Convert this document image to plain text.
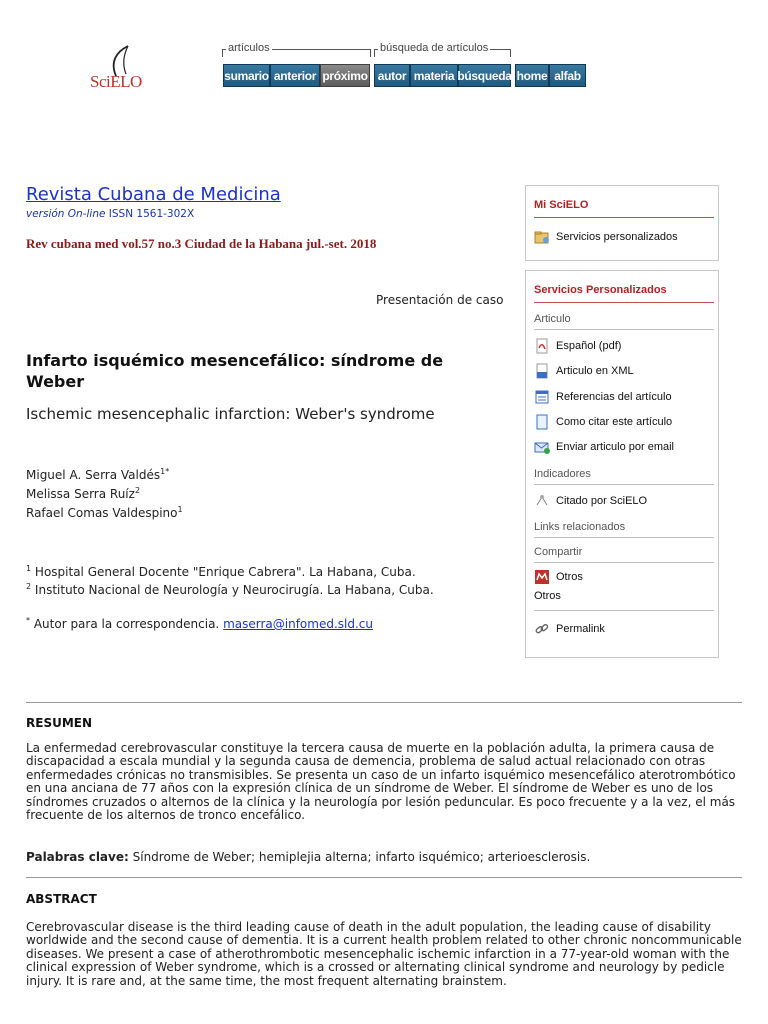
SciELO
artículos	búsqueda de artículos
sumario anterior próximo autor materia búsqueda home alfab
Revista Cubana de Medicina
versión On-line ISSN 1561-302X
Rev cubana med vol.57 no.3 Ciudad de la Habana jul.-set. 2018
Presentación de caso
Infarto isquémico mesencefálico: síndrome de Weber
Ischemic mesencephalic infarction: Weber's syndrome
Miguel A. Serra Valdés$^{1*}$
Melissa Serra Ruíz$^2$
Rafael Comas Valdespino$^1$
$^1$ Hospital General Docente "Enrique Cabrera". La Habana, Cuba.
$^2$ Instituto Nacional de Neurología y Neurocirugía. La Habana, Cuba.
* Autor para la correspondencia. maserra@infomed.sld.cu
Mi SciELO
Servicios personalizados
Servicios Personalizados
Articulo
Español (pdf)
Articulo en XML
Referencias del artículo
Como citar este artículo
Enviar articulo por email
Indicadores
Citado por SciELO
Links relacionados
Compartir
Otros
Otros
Permalink
RESUMEN
La enfermedad cerebrovascular constituye la tercera causa de muerte en la población adulta, la primera causa de discapacidad a escala mundial y la segunda causa de demencia, problema de salud actual relacionado con otras enfermedades crónicas no transmisibles. Se presenta un caso de un infarto isquémico mesencefálico aterotrombótico en una anciana de 77 años con la expresión clínica de un síndrome de Weber. El síndrome de Weber es uno de los síndromes cruzados o alternos de la clínica y la neurología por lesión peduncular. Es poco frecuente y a la vez, el más frecuente de los alternos de tronco encefálico.
Palabras clave: Síndrome de Weber; hemiplejia alterna; infarto isquémico; arterioesclerosis.
ABSTRACT
Cerebrovascular disease is the third leading cause of death in the adult population, the leading cause of disability worldwide and the second cause of dementia. It is a current health problem related to other chronic noncommunicable diseases. We present a case of atherothrombotic mesencephalic ischemic infarction in a 77-year-old woman with the clinical expression of Weber syndrome, which is a crossed or alternating clinical syndrome and neurology by pedicle injury. It is rare and, at the same time, the most frequent alternating brainstem.
